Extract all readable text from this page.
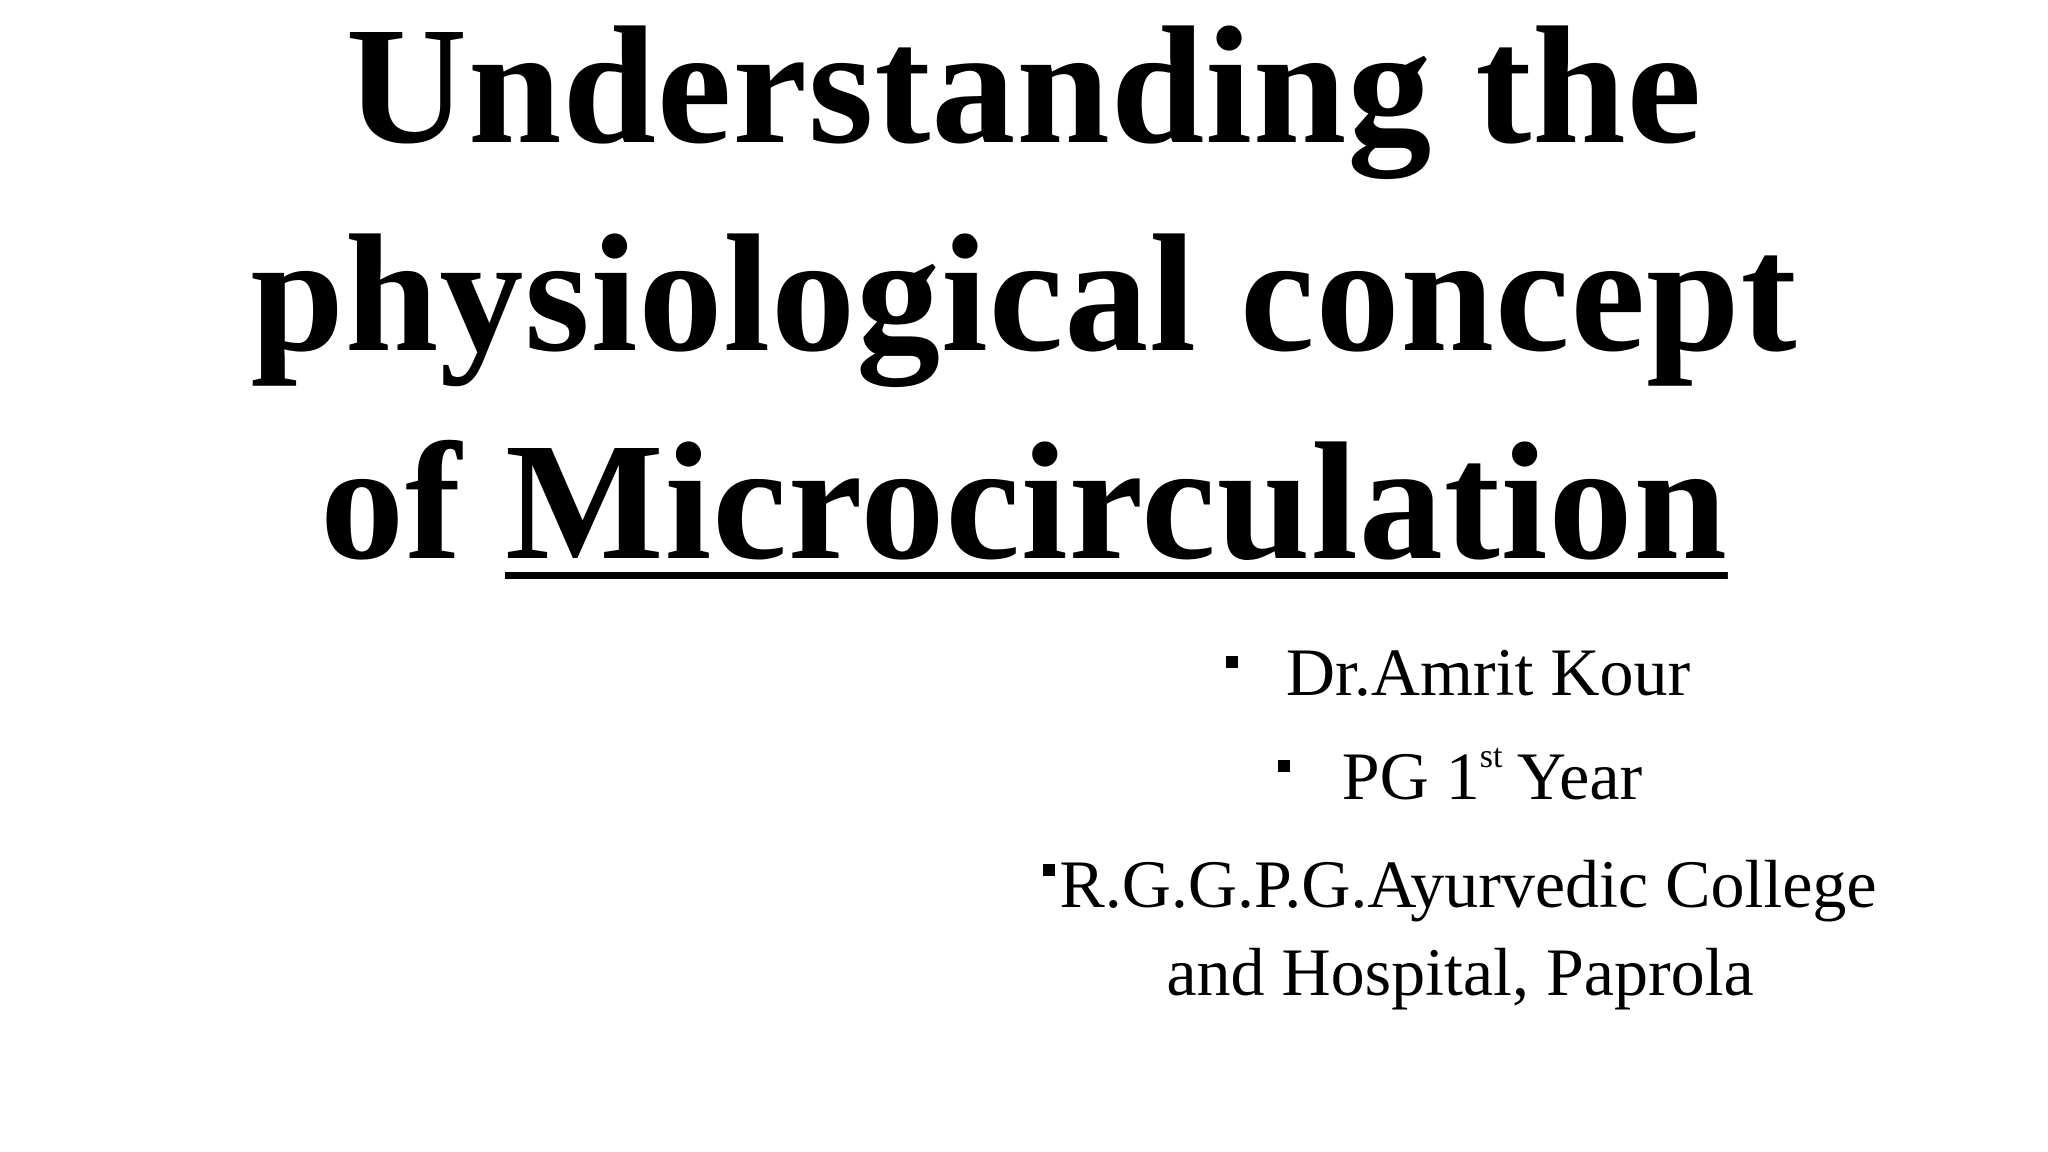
Understanding the
physiological concept
of Microcirculation
Dr.Amrit Kour
PG 1st Year
R.G.G.P.G.Ayurvedic College
and Hospital, Paprola
